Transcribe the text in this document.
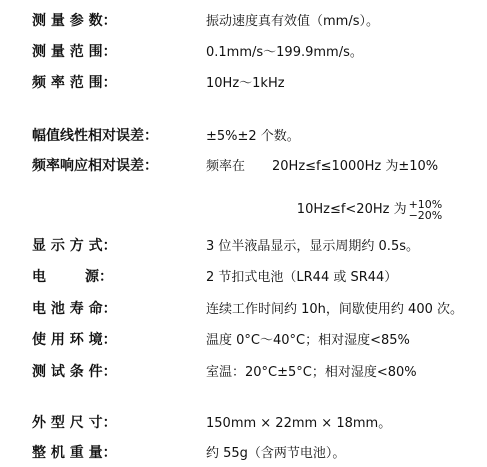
测 量 参 数：	振动速度真有效值（mm/s）。
测 量 范 围：	0.1mm/s～199.9mm/s。
频 率 范 围：	10Hz～1kHz
幅值线性相对误差：	±5%±2 个数。
频率响应相对误差：	频率在 20Hz≤f≤1000Hz 为±10%

10Hz≤f<20Hz 为 +10%
−20%

显 示 方 式：	3 位半液晶显示，显示周期约 0.5s。
电        源：	2 节扣式电池（LR44 或 SR44）
电 池 寿 命：	连续工作时间约 10h，间歇使用约 400 次。
使 用 环 境：	温度 0°C～40°C；相对湿度<85%
测 试 条 件：	室温：20°C±5°C；相对湿度<80%
外 型 尺 寸：	150mm × 22mm × 18mm。
整 机 重 量：	约 55g（含两节电池）。
